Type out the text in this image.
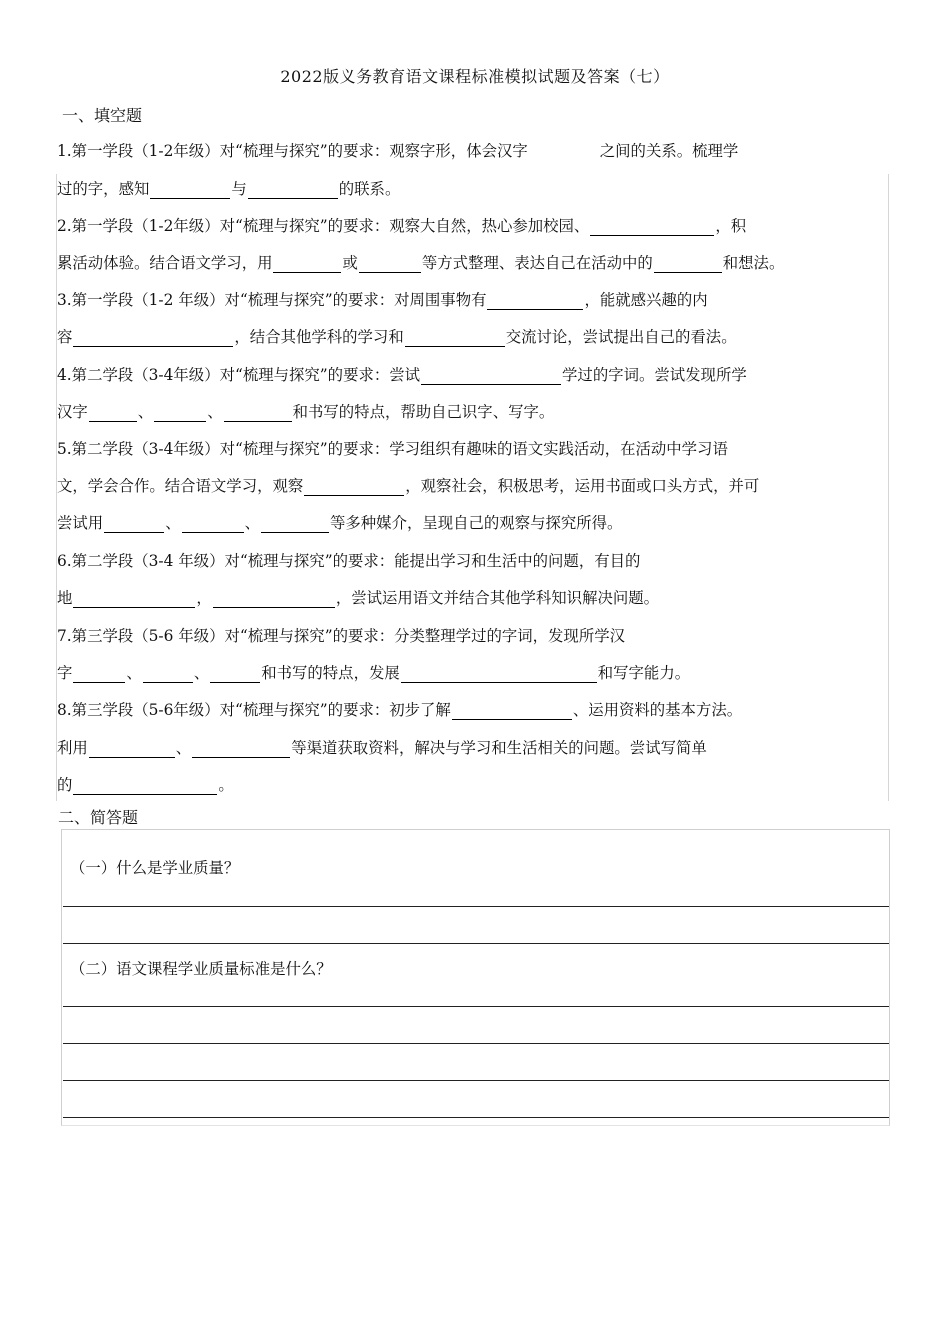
2022版义务教育语文课程标准模拟试题及答案（七）
一、填空题
1.第一学段（1-2年级）对“梳理与探究”的要求：观察字形，体会汉字	之间的关系。梳理学
过的字，感知	与	的联系。
2.第一学段（1-2年级）对“梳理与探究”的要求：观察大自然，热心参加校园、	，积
累活动体验。结合语文学习，用	或	等方式整理、表达自己在活动中的	和想法。
3.第一学段（1-2 年级）对“梳理与探究”的要求：对周围事物有	，能就感兴趣的内
容	，结合其他学科的学习和	交流讨论，尝试提出自己的看法。
4.第二学段（3-4年级）对“梳理与探究”的要求：尝试	学过的字词。尝试发现所学
汉字	、	、	和书写的特点，帮助自己识字、写字。
5.第二学段（3-4年级）对“梳理与探究”的要求：学习组织有趣味的语文实践活动，在活动中学习语
文，学会合作。结合语文学习，观察	，观察社会，积极思考，运用书面或口头方式，并可
尝试用	、	、	等多种媒介，呈现自己的观察与探究所得。
6.第二学段（3-4 年级）对“梳理与探究”的要求：能提出学习和生活中的问题，有目的
地	，	，尝试运用语文并结合其他学科知识解决问题。
7.第三学段（5-6 年级）对“梳理与探究”的要求：分类整理学过的字词，发现所学汉
字	、	、	和书写的特点，发展	和写字能力。
8.第三学段（5-6年级）对“梳理与探究”的要求：初步了解	、运用资料的基本方法。
利用	、	等渠道获取资料，解决与学习和生活相关的问题。尝试写简单
的	。
二、简答题
（一）什么是学业质量？
（二）语文课程学业质量标准是什么？
